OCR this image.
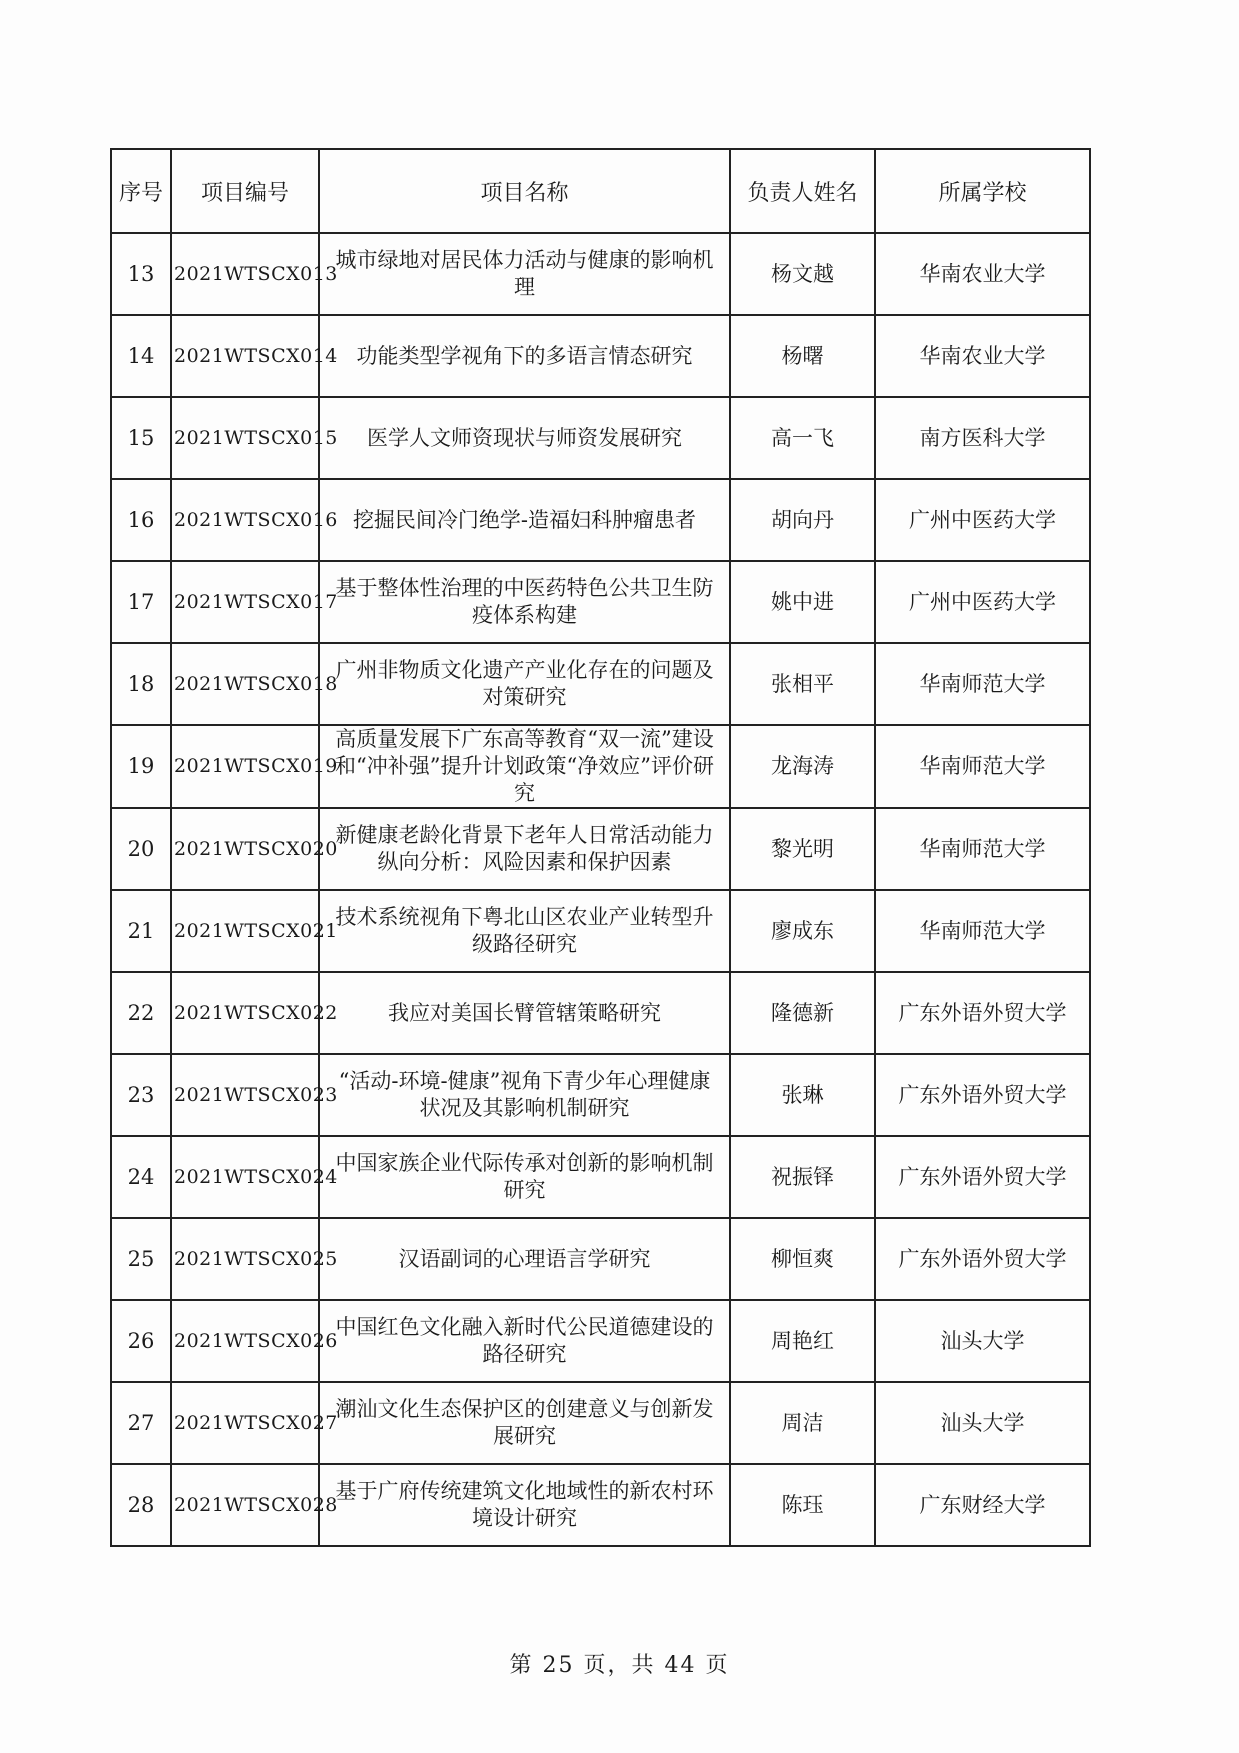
序号	项目编号	项目名称	负责人姓名	所属学校
13	2021WTSCX013	城市绿地对居民体力活动与健康的影响机理	杨文越	华南农业大学
14	2021WTSCX014	功能类型学视角下的多语言情态研究	杨曙	华南农业大学
15	2021WTSCX015	医学人文师资现状与师资发展研究	高一飞	南方医科大学
16	2021WTSCX016	挖掘民间冷门绝学-造福妇科肿瘤患者	胡向丹	广州中医药大学
17	2021WTSCX017	基于整体性治理的中医药特色公共卫生防疫体系构建	姚中进	广州中医药大学
18	2021WTSCX018	广州非物质文化遗产产业化存在的问题及对策研究	张相平	华南师范大学
19	2021WTSCX019	高质量发展下广东高等教育“双一流”建设和“冲补强”提升计划政策“净效应”评价研究	龙海涛	华南师范大学
20	2021WTSCX020	新健康老龄化背景下老年人日常活动能力纵向分析：风险因素和保护因素	黎光明	华南师范大学
21	2021WTSCX021	技术系统视角下粤北山区农业产业转型升级路径研究	廖成东	华南师范大学
22	2021WTSCX022	我应对美国长臂管辖策略研究	隆德新	广东外语外贸大学
23	2021WTSCX023	“活动-环境-健康”视角下青少年心理健康状况及其影响机制研究	张琳	广东外语外贸大学
24	2021WTSCX024	中国家族企业代际传承对创新的影响机制研究	祝振铎	广东外语外贸大学
25	2021WTSCX025	汉语副词的心理语言学研究	柳恒爽	广东外语外贸大学
26	2021WTSCX026	中国红色文化融入新时代公民道德建设的路径研究	周艳红	汕头大学
27	2021WTSCX027	潮汕文化生态保护区的创建意义与创新发展研究	周洁	汕头大学
28	2021WTSCX028	基于广府传统建筑文化地域性的新农村环境设计研究	陈珏	广东财经大学
第 25 页，共 44 页
